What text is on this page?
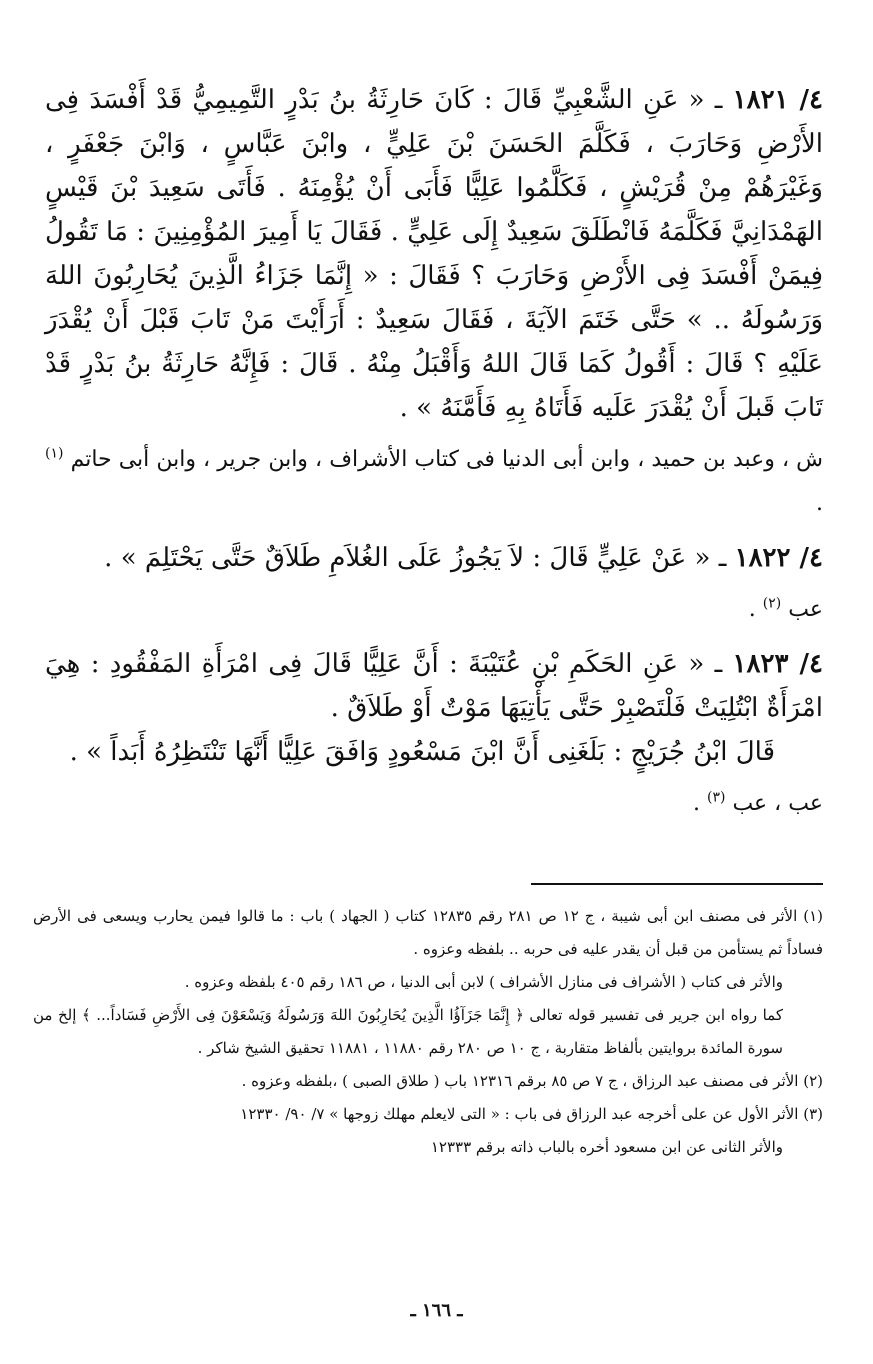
٤/ ١٨٢١ ـ « عَنِ الشَّعْبِيِّ قَالَ : كَانَ حَارِثَةُ بنُ بَدْرٍ التَّمِيمِيُّ قَدْ أَفْسَدَ فِى الأَرْضِ وَحَارَبَ ، فَكَلَّمَ الحَسَنَ بْنَ عَلِيٍّ ، وابْنَ عَبَّاسٍ ، وَابْنَ جَعْفَرٍ ، وَغَيْرَهُمْ مِنْ قُرَيْشٍ ، فَكَلَّمُوا عَلِيًّا فَأَبَى أَنْ يُؤْمِنَهُ . فَأَتَى سَعِيدَ بْنَ قَيْسٍ الهَمْدَانِيَّ فَكَلَّمَهُ فَانْطَلَقَ سَعِيدٌ إِلَى عَلِيٍّ . فَقَالَ يَا أَمِيرَ المُؤْمِنِينَ : مَا تَقُولُ فِيمَنْ أَفْسَدَ فِى الأَرْضِ وَحَارَبَ ؟ فَقَالَ : « إِنَّمَا جَزَاءُ الَّذِينَ يُحَارِبُونَ اللهَ وَرَسُولَهُ .. » حَتَّى خَتَمَ الآيَةَ ، فَقَالَ سَعِيدٌ : أَرَأَيْتَ مَنْ تَابَ قَبْلَ أَنْ يُقْدَرَ عَلَيْهِ ؟ قَالَ : أَقُولُ كَمَا قَالَ اللهُ وَأَقْبَلُ مِنْهُ . قَالَ : فَإِنَّهُ حَارِثَةُ بنُ بَدْرٍ قَدْ تَابَ قَبلَ أَنْ يُقْدَرَ عَلَيه فَأَتَاهُ بِهِ فَأَمَّنَهُ » .

ش ، وعبد بن حميد ، وابن أبى الدنيا فى كتاب الأشراف ، وابن جرير ، وابن أبى حاتم $^{(١)}$ .

٤/ ١٨٢٢ ـ « عَنْ عَلِيٍّ قَالَ : لاَ يَجُوزُ عَلَى الغُلاَمِ طَلاَقٌ حَتَّى يَحْتَلِمَ » .

عب $^{(٢)}$ .

٤/ ١٨٢٣ ـ « عَنِ الحَكَمِ بْنِ عُتَيْبَةَ : أَنَّ عَلِيًّا قَالَ فِى امْرَأَةِ المَفْقُودِ : هِيَ امْرَأَةٌ ابْتُلِيَتْ فَلْتَصْبِرْ حَتَّى يَأْتِيَهَا مَوْتٌ أَوْ طَلاَقٌ .

قَالَ ابْنُ جُرَيْجٍ : بَلَغَنِى أَنَّ ابْنَ مَسْعُودٍ وَافَقَ عَلِيًّا أَنَّهَا تَنْتَظِرُهُ أَبَداً » .

عب ، عب $^{(٣)}$ .

(١) الأثر فى مصنف ابن أبى شيبة ، ج ١٢ ص ٢٨١ رقم ١٢٨٣٥ كتاب ( الجهاد ) باب : ما قالوا فيمن يحارب ويسعى فى الأرض فساداً ثم يستأمن من قبل أن يقدر عليه فى حربه .. بلفظه وعزوه .

والأثر فى كتاب ( الأشراف فى منازل الأشراف ) لابن أبى الدنيا ، ص ١٨٦ رقم ٤٠٥ بلفظه وعزوه .

كما رواه ابن جرير فى تفسير قوله تعالى ﴿ إِنَّمَا جَزَآؤُا الَّذِينَ يُحَارِبُونَ اللهَ وَرَسُولَهُ وَيَسْعَوْنَ فِى الأَرْضِ فَسَاداً... ﴾ إلخ من سورة المائدة بروايتين بألفاظ متقاربة ، ج ١٠ ص ٢٨٠ رقم ١١٨٨٠ ، ١١٨٨١ تحقيق الشيخ شاكر .

(٢) الأثر فى مصنف عبد الرزاق ، ج ٧ ص ٨٥ برقم ١٢٣١٦ باب ( طلاق الصبى ) ،بلفظه وعزوه .

(٣) الأثر الأول عن على أخرجه عبد الرزاق فى باب : « التى لايعلم مهلك زوجها » ٧/ ٩٠/ ١٢٣٣٠

والأثر الثانى عن ابن مسعود أخره بالباب ذاته برقم ١٢٣٣٣

ـ ١٦٦ ـ
